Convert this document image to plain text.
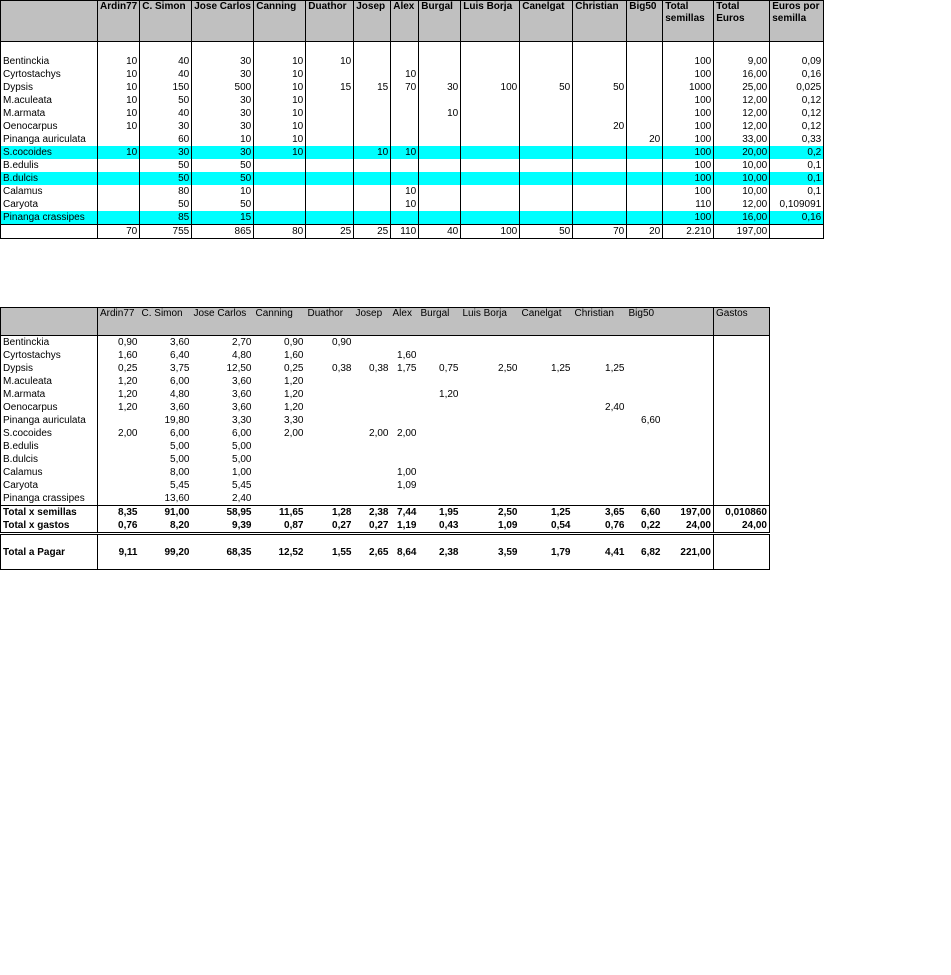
	Ardin77	C. Simon	Jose Carlos	Canning	Duathor	Josep	Alex	Burgal	Luis Borja	Canelgat	Christian	Big50	Total semillas	Total Euros	Euros por semilla

Bentinckia	10	40	30	10	10								100	9,00	0,09
Cyrtostachys	10	40	30	10			10						100	16,00	0,16
Dypsis	10	150	500	10	15	15	70	30	100	50	50		1000	25,00	0,025
M.aculeata	10	50	30	10									100	12,00	0,12
M.armata	10	40	30	10				10					100	12,00	0,12
Oenocarpus	10	30	30	10							20		100	12,00	0,12
Pinanga auriculata		60	10	10								20	100	33,00	0,33
S.cocoides	10	30	30	10		10	10						100	20,00	0,2
B.edulis		50	50										100	10,00	0,1
B.dulcis		50	50										100	10,00	0,1
Calamus		80	10				10						100	10,00	0,1
Caryota		50	50				10						110	12,00	0,109091
Pinanga crassipes		85	15										100	16,00	0,16
	70	755	865	80	25	25	110	40	100	50	70	20	2.210	197,00	
	Ardin77	C. Simon	Jose Carlos	Canning	Duathor	Josep	Alex	Burgal	Luis Borja	Canelgat	Christian	Big50		Gastos
Bentinckia	0,90	3,60	2,70	0,90	0,90									
Cyrtostachys	1,60	6,40	4,80	1,60			1,60							
Dypsis	0,25	3,75	12,50	0,25	0,38	0,38	1,75	0,75	2,50	1,25	1,25			
M.aculeata	1,20	6,00	3,60	1,20										
M.armata	1,20	4,80	3,60	1,20				1,20						
Oenocarpus	1,20	3,60	3,60	1,20							2,40			
Pinanga auriculata		19,80	3,30	3,30								6,60		
S.cocoides	2,00	6,00	6,00	2,00		2,00	2,00							
B.edulis		5,00	5,00											
B.dulcis		5,00	5,00											
Calamus		8,00	1,00				1,00							
Caryota		5,45	5,45				1,09							
Pinanga crassipes		13,60	2,40											
Total x semillas	8,35	91,00	58,95	11,65	1,28	2,38	7,44	1,95	2,50	1,25	3,65	6,60	197,00	0,010860
Total x gastos	0,76	8,20	9,39	0,87	0,27	0,27	1,19	0,43	1,09	0,54	0,76	0,22	24,00	24,00
Total a Pagar	9,11	99,20	68,35	12,52	1,55	2,65	8,64	2,38	3,59	1,79	4,41	6,82	221,00	
